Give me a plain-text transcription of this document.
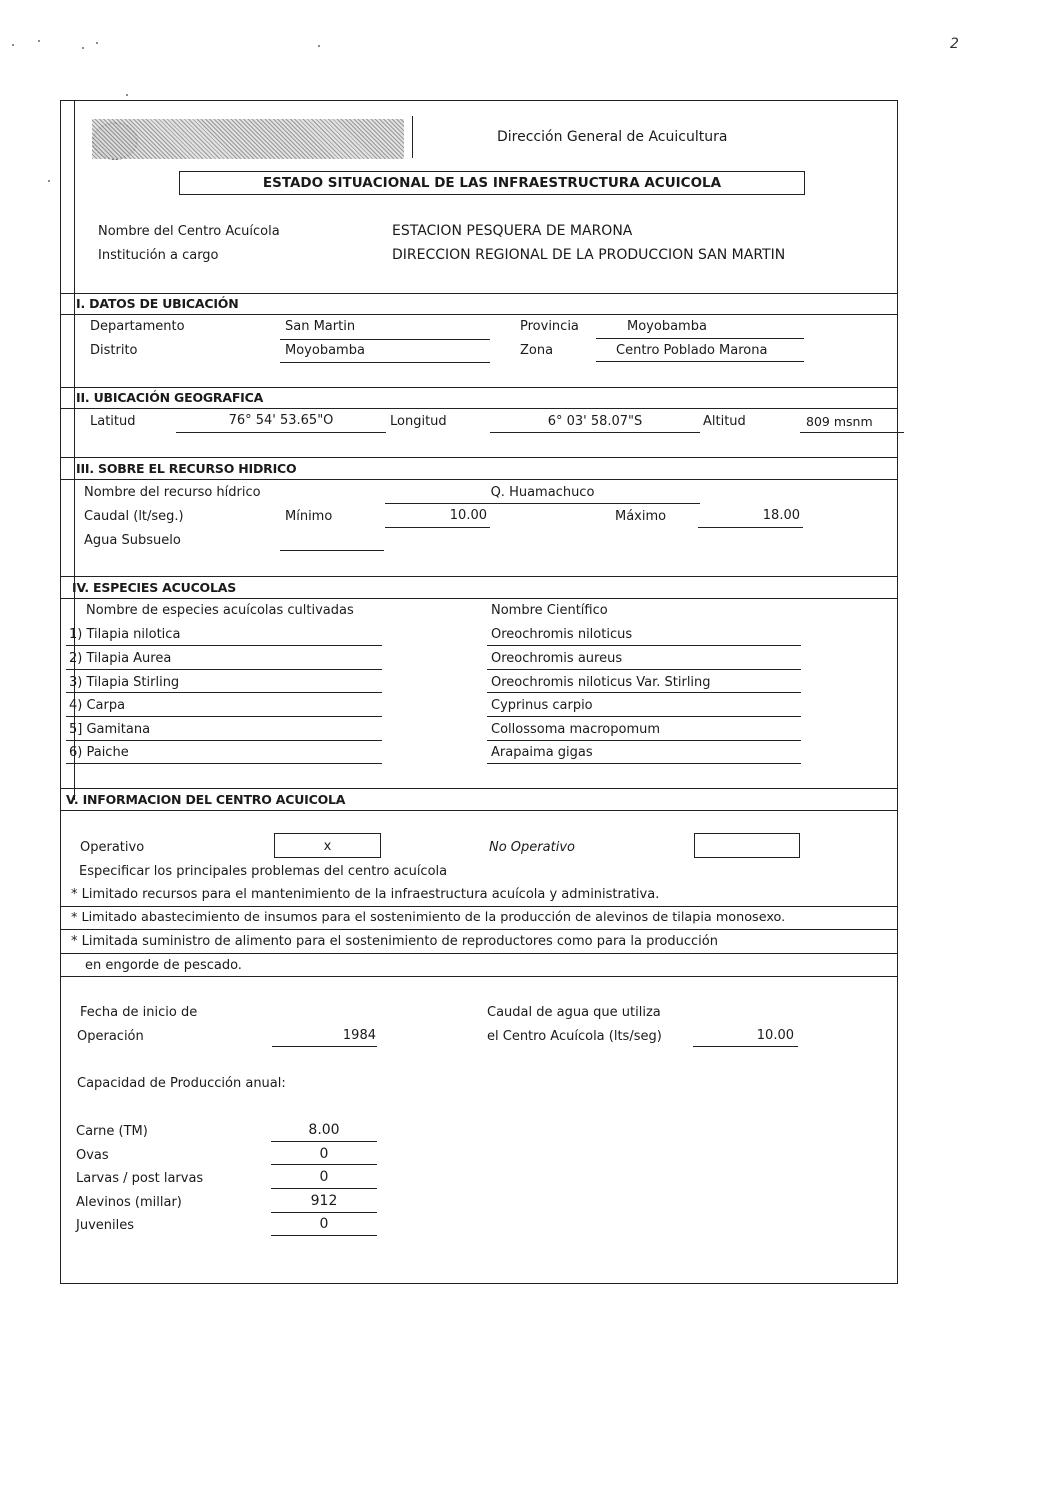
2
Dirección General de Acuicultura
ESTADO SITUACIONAL DE LAS INFRAESTRUCTURA ACUICOLA
Nombre del Centro Acuícola	ESTACION PESQUERA DE MARONA
Institución a cargo	DIRECCION REGIONAL DE LA PRODUCCION SAN MARTIN
I. DATOS DE UBICACIÓN
Departamento	San Martin	Provincia	Moyobamba
Distrito	Moyobamba	Zona	Centro Poblado Marona
II. UBICACIÓN GEOGRAFICA
Latitud	76° 54' 53.65"O	Longitud	6° 03' 58.07"S	Altitud	809 msnm
III. SOBRE EL RECURSO HIDRICO
Nombre del recurso hídrico	Q. Huamachuco
Caudal (lt/seg.)	Mínimo	10.00	Máximo	18.00
Agua Subsuelo
IV. ESPECIES ACUCOLAS
Nombre de especies acuícolas cultivadas	Nombre Científico
1) Tilapia nilotica	Oreochromis niloticus
2) Tilapia Aurea	Oreochromis aureus
3) Tilapia Stirling	Oreochromis niloticus Var. Stirling
4) Carpa	Cyprinus carpio
5] Gamitana	Collossoma macropomum
6) Paiche	Arapaima gigas
V. INFORMACION DEL CENTRO ACUICOLA
Operativo	x	No Operativo
Especificar los principales problemas del centro acuícola
* Limitado recursos para el mantenimiento de la infraestructura acuícola y administrativa.
* Limitado abastecimiento de insumos para el sostenimiento de la producción de alevinos de tilapia monosexo.
* Limitada suministro de alimento para el sostenimiento de reproductores como para la producción
en engorde de pescado.
Fecha de inicio de
Operación	1984
Caudal de agua que utiliza
el Centro Acuícola (lts/seg)	10.00
Capacidad de Producción anual:
Carne (TM)	8.00
Ovas	0
Larvas / post larvas	0
Alevinos (millar)	912
Juveniles	0
